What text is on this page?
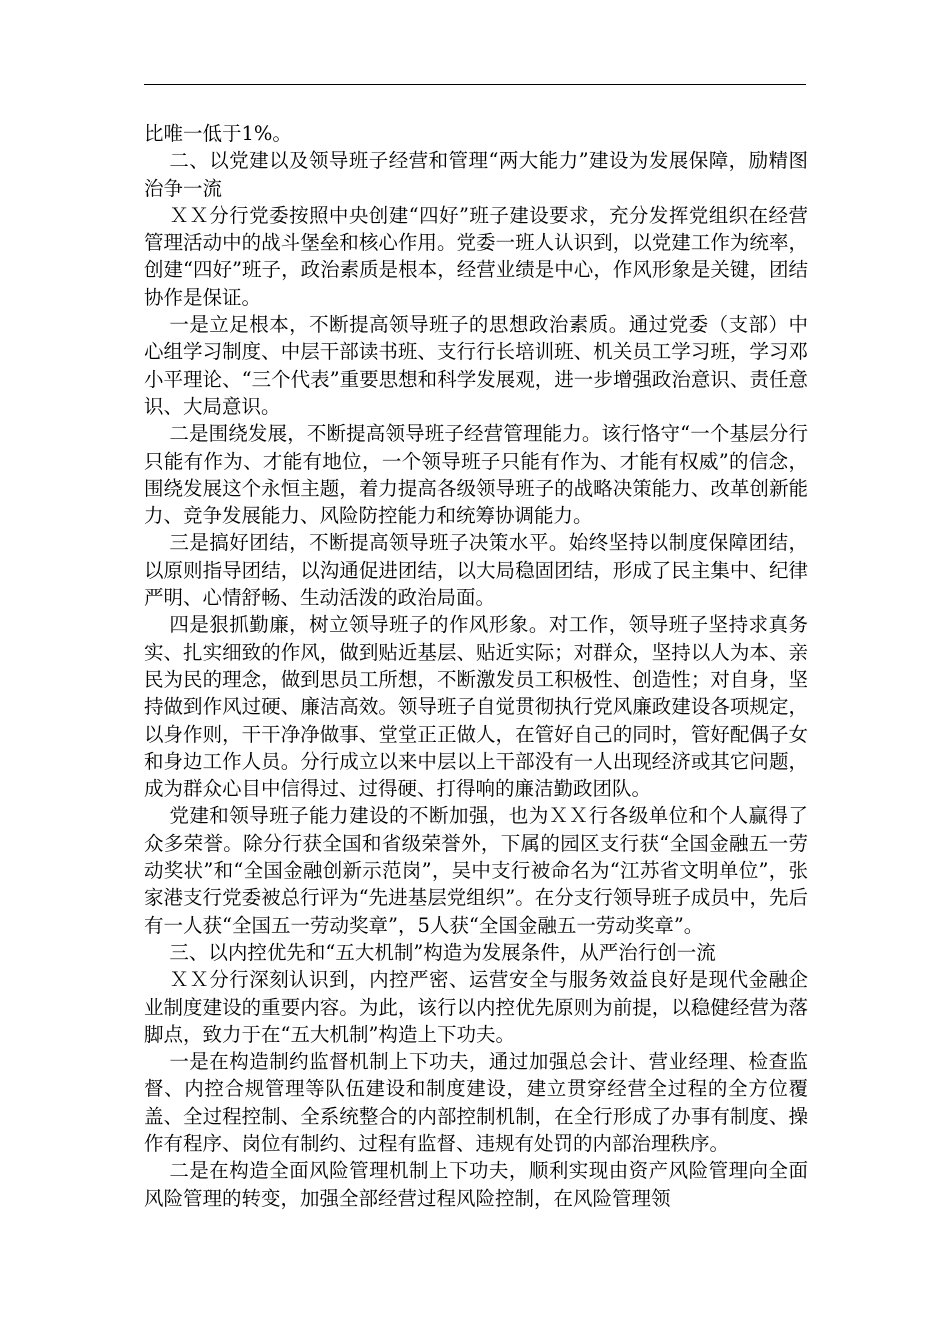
比唯一低于1%。

二、以党建以及领导班子经营和管理“两大能力”建设为发展保障，励精图治争一流

ＸＸ分行党委按照中央创建“四好”班子建设要求，充分发挥党组织在经营管理活动中的战斗堡垒和核心作用。党委一班人认识到，以党建工作为统率，创建“四好”班子，政治素质是根本，经营业绩是中心，作风形象是关键，团结协作是保证。

一是立足根本，不断提高领导班子的思想政治素质。通过党委（支部）中心组学习制度、中层干部读书班、支行行长培训班、机关员工学习班，学习邓小平理论、“三个代表”重要思想和科学发展观，进一步增强政治意识、责任意识、大局意识。

二是围绕发展，不断提高领导班子经营管理能力。该行恪守“一个基层分行只能有作为、才能有地位，一个领导班子只能有作为、才能有权威”的信念，围绕发展这个永恒主题，着力提高各级领导班子的战略决策能力、改革创新能力、竞争发展能力、风险防控能力和统筹协调能力。

三是搞好团结，不断提高领导班子决策水平。始终坚持以制度保障团结，以原则指导团结，以沟通促进团结，以大局稳固团结，形成了民主集中、纪律严明、心情舒畅、生动活泼的政治局面。

四是狠抓勤廉，树立领导班子的作风形象。对工作，领导班子坚持求真务实、扎实细致的作风，做到贴近基层、贴近实际；对群众，坚持以人为本、亲民为民的理念，做到思员工所想，不断激发员工积极性、创造性；对自身，坚持做到作风过硬、廉洁高效。领导班子自觉贯彻执行党风廉政建设各项规定，以身作则，干干净净做事、堂堂正正做人，在管好自己的同时，管好配偶子女和身边工作人员。分行成立以来中层以上干部没有一人出现经济或其它问题，成为群众心目中信得过、过得硬、打得响的廉洁勤政团队。

党建和领导班子能力建设的不断加强，也为ＸＸ行各级单位和个人赢得了众多荣誉。除分行获全国和省级荣誉外，下属的园区支行获“全国金融五一劳动奖状”和“全国金融创新示范岗”，吴中支行被命名为“江苏省文明单位”，张家港支行党委被总行评为“先进基层党组织”。在分支行领导班子成员中，先后有一人获“全国五一劳动奖章”，5人获“全国金融五一劳动奖章”。

三、以内控优先和“五大机制”构造为发展条件，从严治行创一流

ＸＸ分行深刻认识到，内控严密、运营安全与服务效益良好是现代金融企业制度建设的重要内容。为此，该行以内控优先原则为前提，以稳健经营为落脚点，致力于在“五大机制”构造上下功夫。

一是在构造制约监督机制上下功夫，通过加强总会计、营业经理、检查监督、内控合规管理等队伍建设和制度建设，建立贯穿经营全过程的全方位覆盖、全过程控制、全系统整合的内部控制机制，在全行形成了办事有制度、操作有程序、岗位有制约、过程有监督、违规有处罚的内部治理秩序。

二是在构造全面风险管理机制上下功夫，顺利实现由资产风险管理向全面风险管理的转变，加强全部经营过程风险控制，在风险管理领
